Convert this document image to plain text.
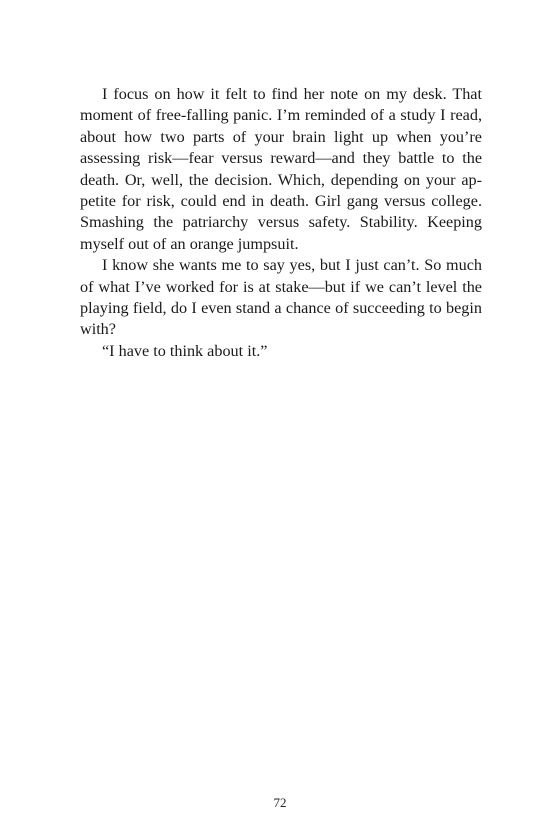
I focus on how it felt to find her note on my desk. That moment of free-falling panic. I’m reminded of a study I read, about how two parts of your brain light up when you’re assessing risk—fear versus reward—and they battle to the death. Or, well, the decision. Which, depending on your appetite for risk, could end in death. Girl gang versus college. Smashing the patriarchy versus safety. Stability. Keeping myself out of an orange jumpsuit.

I know she wants me to say yes, but I just can’t. So much of what I’ve worked for is at stake—but if we can’t level the playing field, do I even stand a chance of succeeding to begin with?

“I have to think about it.”

72
